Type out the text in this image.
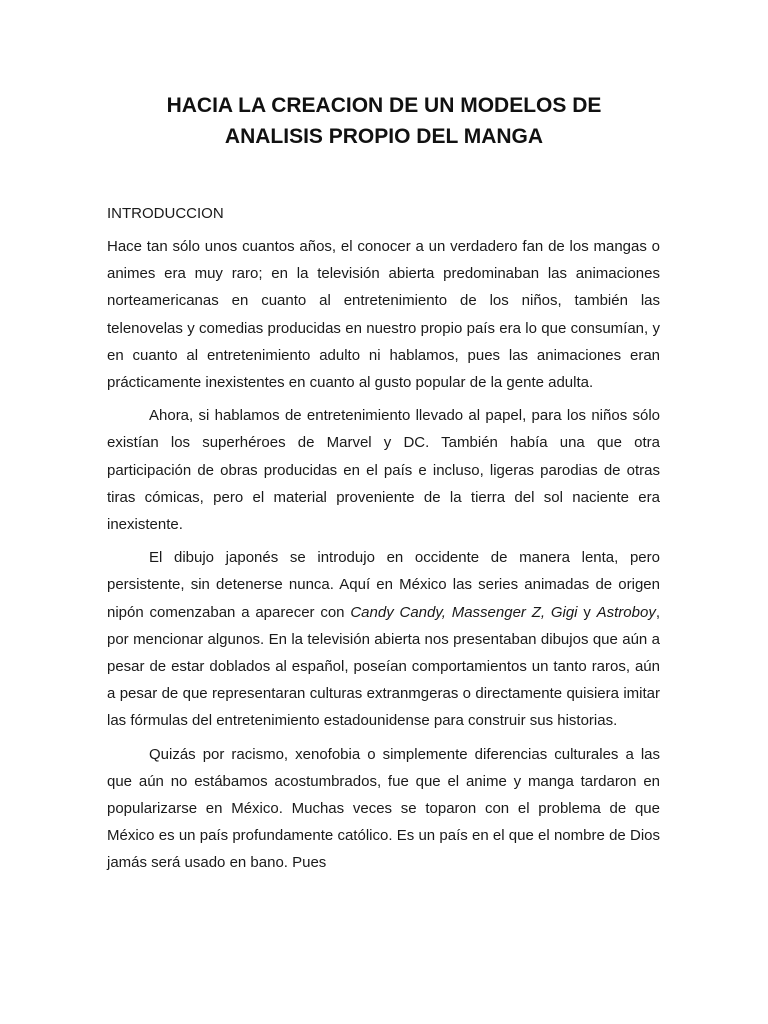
HACIA LA CREACION DE UN MODELOS DE
ANALISIS PROPIO DEL MANGA

INTRODUCCION

Hace tan sólo unos cuantos años, el conocer a un verdadero fan de los mangas o animes era muy raro; en la televisión abierta predominaban las animaciones norteamericanas en cuanto al entretenimiento de los niños, también las telenovelas y comedias producidas en nuestro propio país era lo que consumían, y en cuanto al entretenimiento adulto ni hablamos, pues las animaciones eran prácticamente inexistentes en cuanto al gusto popular de la gente adulta.

Ahora, si hablamos de entretenimiento llevado al papel, para los niños sólo existían los superhéroes de Marvel y DC. También había una que otra participación de obras producidas en el país e incluso, ligeras parodias de otras tiras cómicas, pero el material proveniente de la tierra del sol naciente era inexistente.

El dibujo japonés se introdujo en occidente de manera lenta, pero persistente, sin detenerse nunca. Aquí en México las series animadas de origen nipón comenzaban a aparecer con Candy Candy, Massenger Z, Gigi y Astroboy, por mencionar algunos. En la televisión abierta nos presentaban dibujos que aún a pesar de estar doblados al español, poseían comportamientos un tanto raros, aún a pesar de que representaran culturas extranmgeras o directamente quisiera imitar las fórmulas del entretenimiento estadounidense para construir sus historias.

Quizás por racismo, xenofobia o simplemente diferencias culturales a las que aún no estábamos acostumbrados, fue que el anime y manga tardaron en popularizarse en México. Muchas veces se toparon con el problema de que México es un país profundamente católico. Es un país en el que el nombre de Dios jamás será usado en bano. Pues
